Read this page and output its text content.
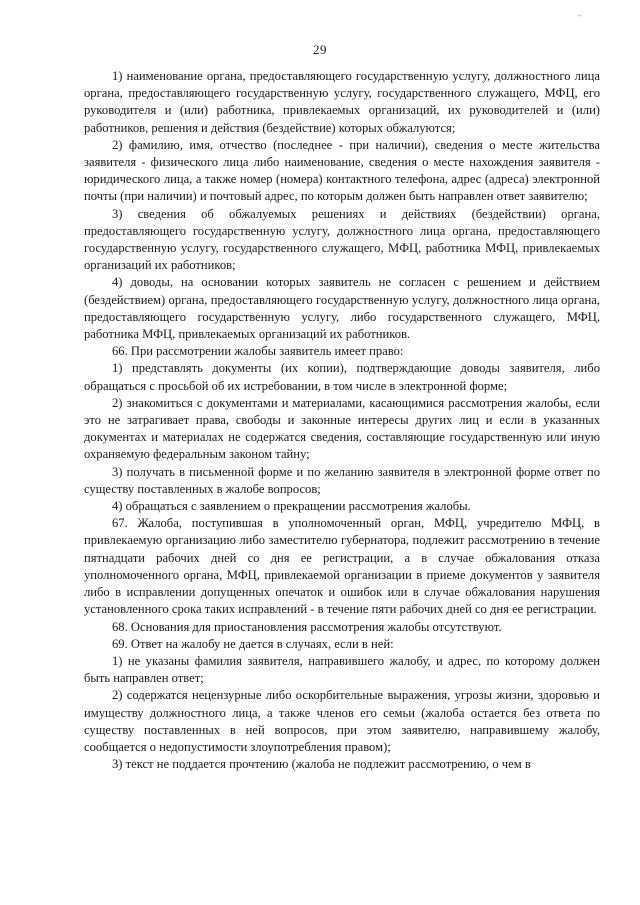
-
29

1) наименование органа, предоставляющего государственную услугу, должностного лица органа, предоставляющего государственную услугу, государственного служащего, МФЦ, его руководителя и (или) работника, привлекаемых организаций, их руководителей и (или) работников, решения и действия (бездействие) которых обжалуются;

2) фамилию, имя, отчество (последнее - при наличии), сведения о месте жительства заявителя - физического лица либо наименование, сведения о месте нахождения заявителя - юридического лица, а также номер (номера) контактного телефона, адрес (адреса) электронной почты (при наличии) и почтовый адрес, по которым должен быть направлен ответ заявителю;

3) сведения об обжалуемых решениях и действиях (бездействии) органа, предоставляющего государственную услугу, должностного лица органа, предоставляющего государственную услугу, государственного служащего, МФЦ, работника МФЦ, привлекаемых организаций их работников;

4) доводы, на основании которых заявитель не согласен с решением и действием (бездействием) органа, предоставляющего государственную услугу, должностного лица органа, предоставляющего государственную услугу, либо государственного служащего, МФЦ, работника МФЦ, привлекаемых организаций их работников.

66. При рассмотрении жалобы заявитель имеет право:

1) представлять документы (их копии), подтверждающие доводы заявителя, либо обращаться с просьбой об их истребовании, в том числе в электронной форме;

2) знакомиться с документами и материалами, касающимися рассмотрения жалобы, если это не затрагивает права, свободы и законные интересы других лиц и если в указанных документах и материалах не содержатся сведения, составляющие государственную или иную охраняемую федеральным законом тайну;

3) получать в письменной форме и по желанию заявителя в электронной форме ответ по существу поставленных в жалобе вопросов;

4) обращаться с заявлением о прекращении рассмотрения жалобы.

67. Жалоба, поступившая в уполномоченный орган, МФЦ, учредителю МФЦ, в привлекаемую организацию либо заместителю губернатора, подлежит рассмотрению в течение пятнадцати рабочих дней со дня ее регистрации, а в случае обжалования отказа уполномоченного органа, МФЦ, привлекаемой организации в приеме документов у заявителя либо в исправлении допущенных опечаток и ошибок или в случае обжалования нарушения установленного срока таких исправлений - в течение пяти рабочих дней со дня ее регистрации.

68. Основания для приостановления рассмотрения жалобы отсутствуют.

69. Ответ на жалобу не дается в случаях, если в ней:

1) не указаны фамилия заявителя, направившего жалобу, и адрес, по которому должен быть направлен ответ;

2) содержатся нецензурные либо оскорбительные выражения, угрозы жизни, здоровью и имуществу должностного лица, а также членов его семьи (жалоба остается без ответа по существу поставленных в ней вопросов, при этом заявителю, направившему жалобу, сообщается о недопустимости злоупотребления правом);

3) текст не поддается прочтению (жалоба не подлежит рассмотрению, о чем в
